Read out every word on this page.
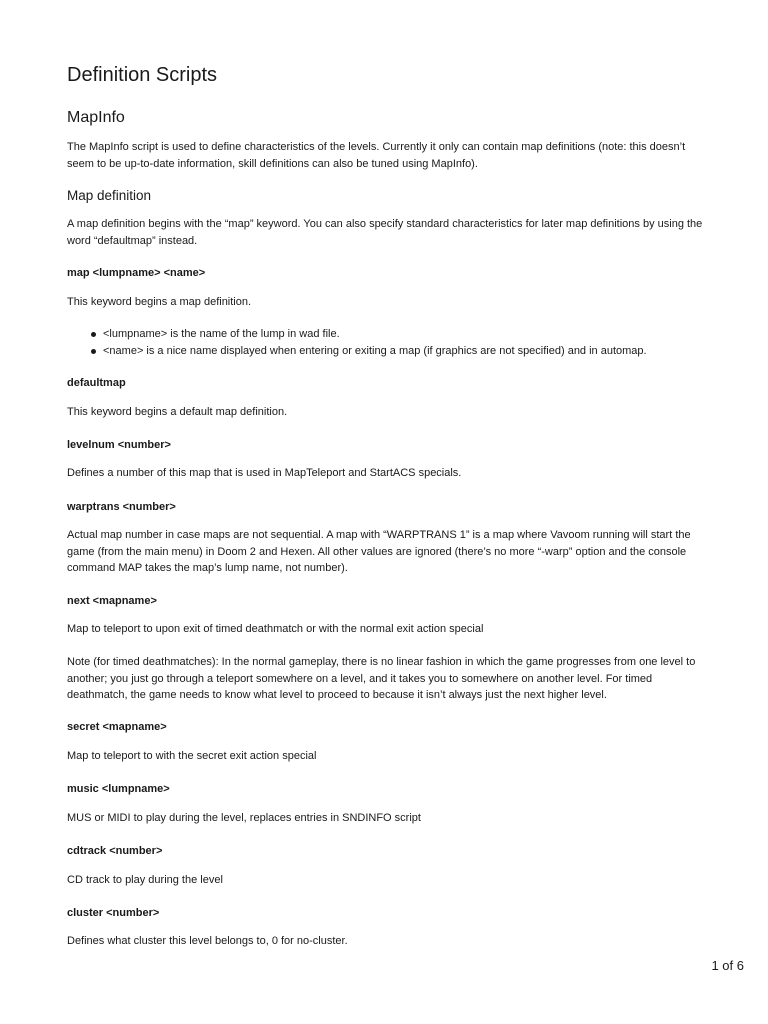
Definition Scripts
MapInfo

The MapInfo script is used to define characteristics of the levels. Currently it only can contain map definitions (note: this doesn’t seem to be up-to-date information, skill definitions can also be tuned using MapInfo).

Map definition

A map definition begins with the “map” keyword. You can also specify standard characteristics for later map definitions by using the word “defaultmap” instead.

map <lumpname> <name>

This keyword begins a map definition.

<lumpname> is the name of the lump in wad file.
<name> is a nice name displayed when entering or exiting a map (if graphics are not specified) and in automap.
defaultmap

This keyword begins a default map definition.

levelnum <number>

Defines a number of this map that is used in MapTeleport and StartACS specials.

warptrans <number>

Actual map number in case maps are not sequential. A map with “WARPTRANS 1” is a map where Vavoom running will start the game (from the main menu) in Doom 2 and Hexen. All other values are ignored (there’s no more “-warp” option and the console command MAP takes the map’s lump name, not number).

next <mapname>

Map to teleport to upon exit of timed deathmatch or with the normal exit action special

Note (for timed deathmatches): In the normal gameplay, there is no linear fashion in which the game progresses from one level to another; you just go through a teleport somewhere on a level, and it takes you to somewhere on another level. For timed deathmatch, the game needs to know what level to proceed to because it isn’t always just the next higher level.

secret <mapname>

Map to teleport to with the secret exit action special

music <lumpname>

MUS or MIDI to play during the level, replaces entries in SNDINFO script

cdtrack <number>

CD track to play during the level

cluster <number>

Defines what cluster this level belongs to, 0 for no-cluster.

1 of 6
